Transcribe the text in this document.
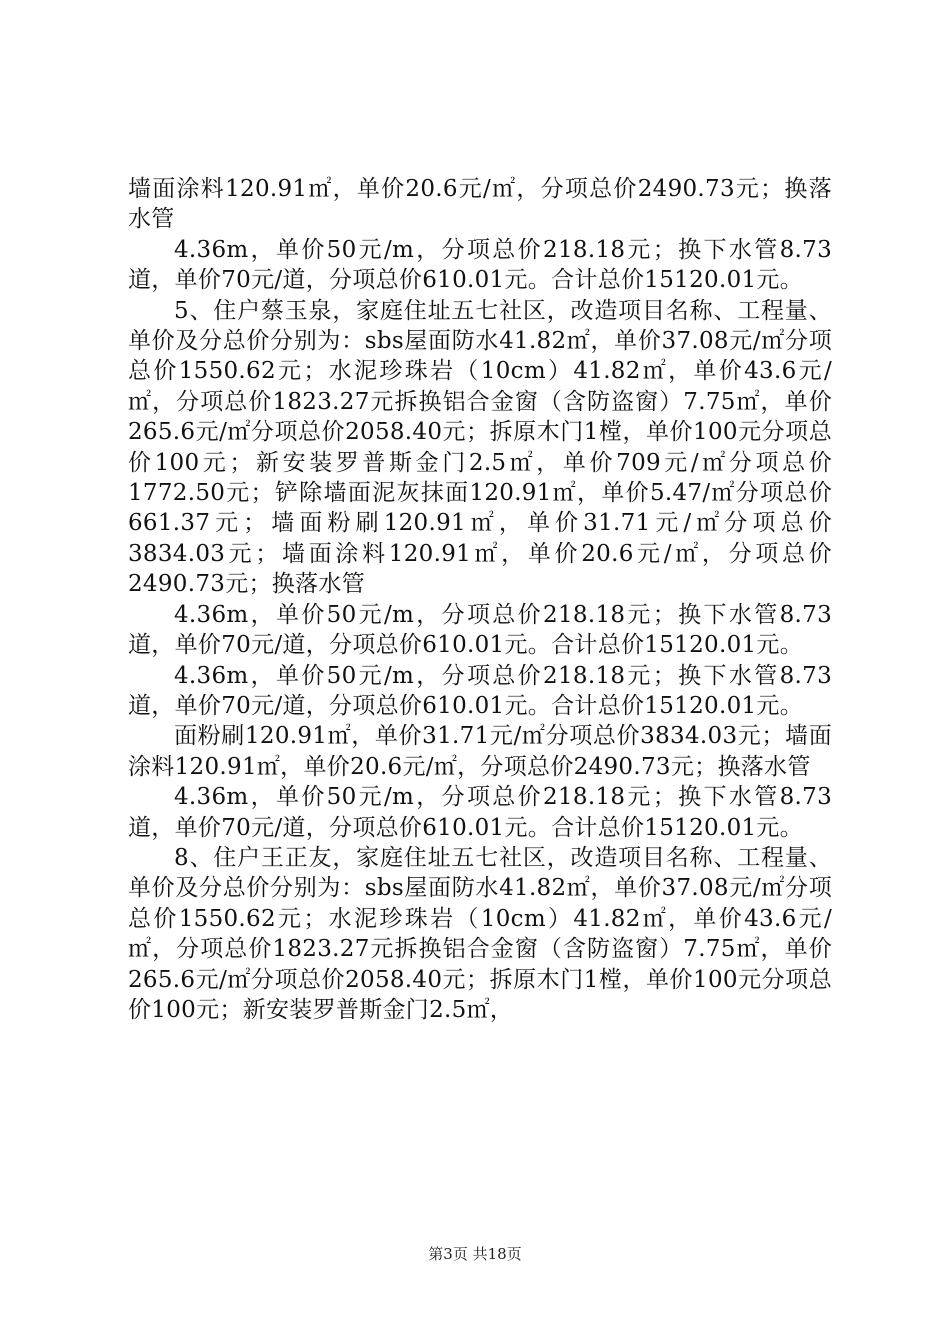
墙面涂料120.91㎡，单价20.6元/㎡，分项总价2490.73元；换落水管

4.36m，单价50元/m，分项总价218.18元；换下水管8.73道，单价70元/道，分项总价610.01元。合计总价15120.01元。

5、住户蔡玉泉，家庭住址五七社区，改造项目名称、工程量、单价及分总价分别为：sbs屋面防水41.82㎡，单价37.08元/㎡分项总价1550.62元；水泥珍珠岩（10cm）41.82㎡，单价43.6元/㎡，分项总价1823.27元拆换铝合金窗（含防盗窗）7.75㎡，单价265.6元/㎡分项总价2058.40元；拆原木门1樘，单价100元分项总价100元；新安装罗普斯金门2.5㎡，单价709元/㎡分项总价1772.50元；铲除墙面泥灰抹面120.91㎡，单价5.47/㎡分项总价661.37元；墙面粉刷120.91㎡，单价31.71元/㎡分项总价3834.03元；墙面涂料120.91㎡，单价20.6元/㎡，分项总价2490.73元；换落水管

4.36m，单价50元/m，分项总价218.18元；换下水管8.73道，单价70元/道，分项总价610.01元。合计总价15120.01元。

4.36m，单价50元/m，分项总价218.18元；换下水管8.73道，单价70元/道，分项总价610.01元。合计总价15120.01元。

面粉刷120.91㎡，单价31.71元/㎡分项总价3834.03元；墙面涂料120.91㎡，单价20.6元/㎡，分项总价2490.73元；换落水管

4.36m，单价50元/m，分项总价218.18元；换下水管8.73道，单价70元/道，分项总价610.01元。合计总价15120.01元。

8、住户王正友，家庭住址五七社区，改造项目名称、工程量、单价及分总价分别为：sbs屋面防水41.82㎡，单价37.08元/㎡分项总价1550.62元；水泥珍珠岩（10cm）41.82㎡，单价43.6元/㎡，分项总价1823.27元拆换铝合金窗（含防盗窗）7.75㎡，单价265.6元/㎡分项总价2058.40元；拆原木门1樘，单价100元分项总价100元；新安装罗普斯金门2.5㎡，

第3页 共18页
